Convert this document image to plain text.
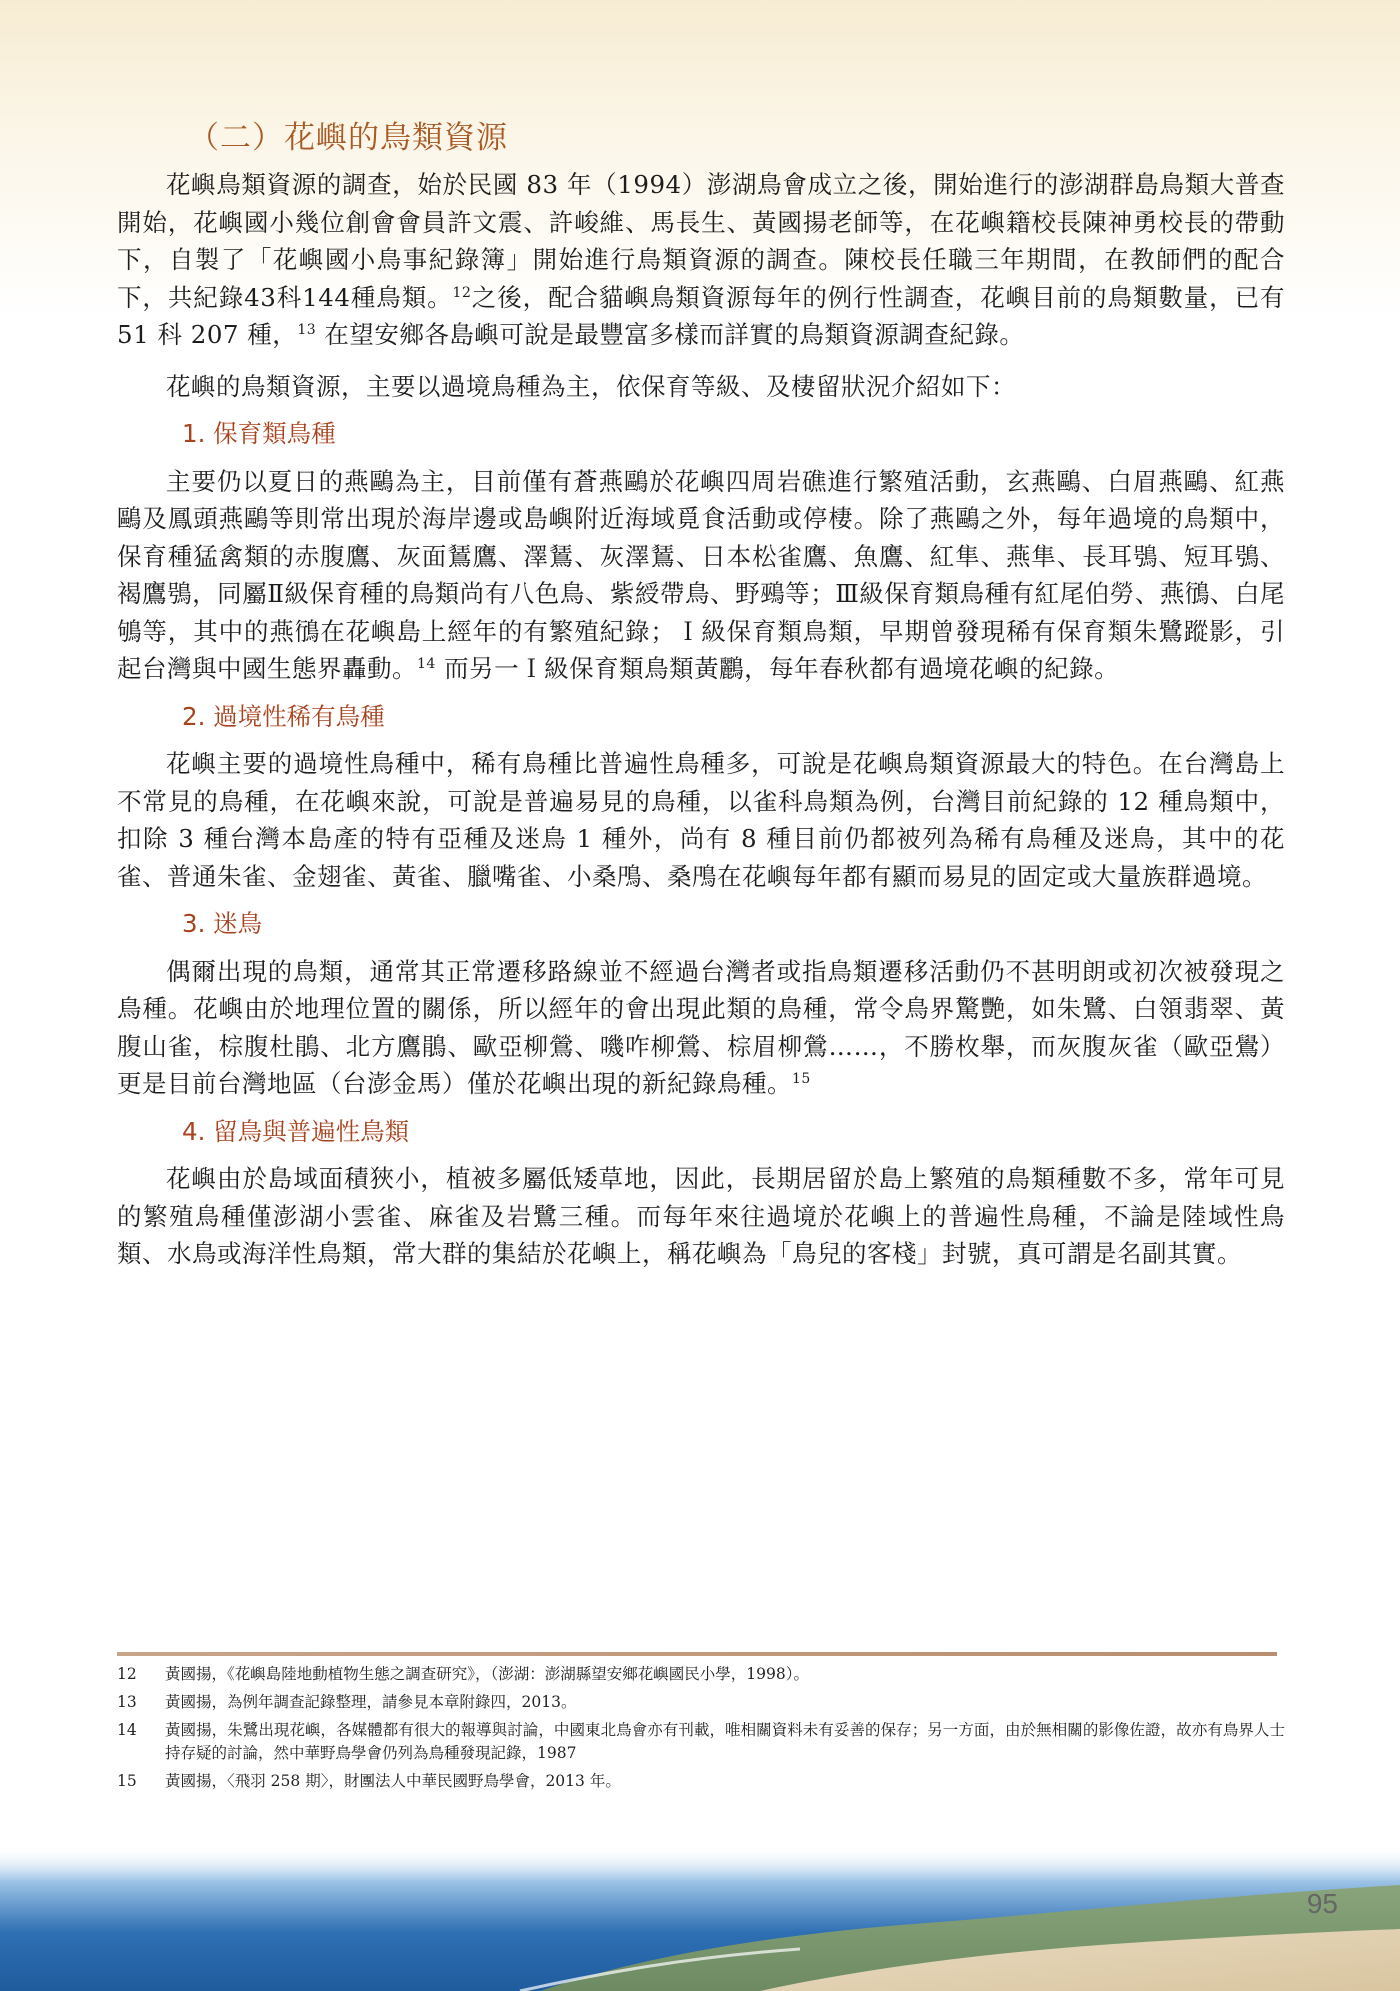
（二）花嶼的鳥類資源

花嶼鳥類資源的調查，始於民國 83 年（1994）澎湖鳥會成立之後，開始進行的澎湖群島鳥類大普查開始，花嶼國小幾位創會會員許文震、許峻維、馬長生、黃國揚老師等，在花嶼籍校長陳神勇校長的帶動下，自製了「花嶼國小鳥事紀錄簿」開始進行鳥類資源的調查。陳校長任職三年期間，在教師們的配合下，共紀錄43科144種鳥類。$^{12}$之後，配合貓嶼鳥類資源每年的例行性調查，花嶼目前的鳥類數量，已有 51 科 207 種，$^{13}$ 在望安鄉各島嶼可說是最豐富多樣而詳實的鳥類資源調查紀錄。

花嶼的鳥類資源，主要以過境鳥種為主，依保育等級、及棲留狀況介紹如下：

1. 保育類鳥種

主要仍以夏日的燕鷗為主，目前僅有蒼燕鷗於花嶼四周岩礁進行繁殖活動，玄燕鷗、白眉燕鷗、紅燕鷗及鳳頭燕鷗等則常出現於海岸邊或島嶼附近海域覓食活動或停棲。除了燕鷗之外，每年過境的鳥類中，保育種猛禽類的赤腹鷹、灰面鵟鷹、澤鵟、灰澤鵟、日本松雀鷹、魚鷹、紅隼、燕隼、長耳鴞、短耳鴞、褐鷹鴞，同屬Ⅱ級保育種的鳥類尚有八色鳥、紫綬帶鳥、野鵐等；Ⅲ級保育類鳥種有紅尾伯勞、燕鴴、白尾鴝等，其中的燕鴴在花嶼島上經年的有繁殖紀錄；Ｉ級保育類鳥類，早期曾發現稀有保育類朱鷺蹤影，引起台灣與中國生態界轟動。$^{14}$ 而另一Ｉ級保育類鳥類黃鸝，每年春秋都有過境花嶼的紀錄。

2. 過境性稀有鳥種

花嶼主要的過境性鳥種中，稀有鳥種比普遍性鳥種多，可說是花嶼鳥類資源最大的特色。在台灣島上不常見的鳥種，在花嶼來說，可說是普遍易見的鳥種，以雀科鳥類為例，台灣目前紀錄的 12 種鳥類中，扣除 3 種台灣本島產的特有亞種及迷鳥 1 種外，尚有 8 種目前仍都被列為稀有鳥種及迷鳥，其中的花雀、普通朱雀、金翅雀、黃雀、臘嘴雀、小桑鳲、桑鳲在花嶼每年都有顯而易見的固定或大量族群過境。

3. 迷鳥

偶爾出現的鳥類，通常其正常遷移路線並不經過台灣者或指鳥類遷移活動仍不甚明朗或初次被發現之鳥種。花嶼由於地理位置的關係，所以經年的會出現此類的鳥種，常令鳥界驚艷，如朱鷺、白領翡翠、黃腹山雀，棕腹杜鵑、北方鷹鵑、歐亞柳鶯、嘰咋柳鶯、棕眉柳鶯……，不勝枚舉，而灰腹灰雀（歐亞鷽）更是目前台灣地區（台澎金馬）僅於花嶼出現的新紀錄鳥種。$^{15}$

4. 留鳥與普遍性鳥類

花嶼由於島域面積狹小，植被多屬低矮草地，因此，長期居留於島上繁殖的鳥類種數不多，常年可見的繁殖鳥種僅澎湖小雲雀、麻雀及岩鷺三種。而每年來往過境於花嶼上的普遍性鳥種，不論是陸域性鳥類、水鳥或海洋性鳥類，常大群的集結於花嶼上，稱花嶼為「鳥兒的客棧」封號，真可謂是名副其實。

12	黃國揚，《花嶼島陸地動植物生態之調查研究》，（澎湖：澎湖縣望安鄉花嶼國民小學，1998）。
13	黃國揚，為例年調查記錄整理，請參見本章附錄四，2013。
14	黃國揚，朱鷺出現花嶼，各媒體都有很大的報導與討論，中國東北鳥會亦有刊載，唯相關資料未有妥善的保存；另一方面，由於無相關的影像佐證，故亦有鳥界人士持存疑的討論，然中華野鳥學會仍列為鳥種發現記錄，1987
15	黃國揚，〈飛羽 258 期〉，財團法人中華民國野鳥學會，2013 年。
95
